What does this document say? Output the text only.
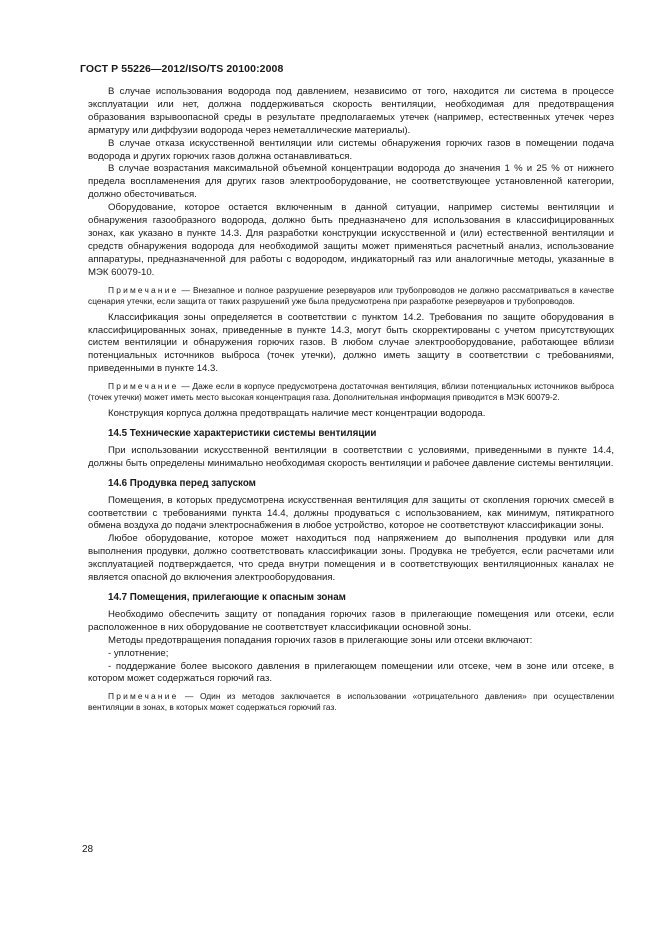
ГОСТ Р 55226—2012/ISO/TS 20100:2008

В случае использования водорода под давлением, независимо от того, находится ли система в процессе эксплуатации или нет, должна поддерживаться скорость вентиляции, необходимая для предотвращения образования взрывоопасной среды в результате предполагаемых утечек (например, естественных утечек через арматуру или диффузии водорода через неметаллические материалы).

В случае отказа искусственной вентиляции или системы обнаружения горючих газов в помещении подача водорода и других горючих газов должна останавливаться.

В случае возрастания максимальной объемной концентрации водорода до значения 1 % и 25 % от нижнего предела воспламенения для других газов электрооборудование, не соответствующее установленной категории, должно обесточиваться.

Оборудование, которое остается включенным в данной ситуации, например системы вентиляции и обнаружения газообразного водорода, должно быть предназначено для использования в классифицированных зонах, как указано в пункте 14.3. Для разработки конструкции искусственной и (или) естественной вентиляции и средств обнаружения водорода для необходимой защиты может применяться расчетный анализ, использование аппаратуры, предназначенной для работы с водородом, индикаторный газ или аналогичные методы, указанные в МЭК 60079-10.

Примечание — Внезапное и полное разрушение резервуаров или трубопроводов не должно рассматриваться в качестве сценария утечки, если защита от таких разрушений уже была предусмотрена при разработке резервуаров и трубопроводов.

Классификация зоны определяется в соответствии с пунктом 14.2. Требования по защите оборудования в классифицированных зонах, приведенные в пункте 14.3, могут быть скорректированы с учетом присутствующих систем вентиляции и обнаружения горючих газов. В любом случае электрооборудование, работающее вблизи потенциальных источников выброса (точек утечки), должно иметь защиту в соответствии с требованиями, приведенными в пункте 14.3.

Примечание — Даже если в корпусе предусмотрена достаточная вентиляция, вблизи потенциальных источников выброса (точек утечки) может иметь место высокая концентрация газа. Дополнительная информация приводится в МЭК 60079-2.

Конструкция корпуса должна предотвращать наличие мест концентрации водорода.

14.5 Технические характеристики системы вентиляции

При использовании искусственной вентиляции в соответствии с условиями, приведенными в пункте 14.4, должны быть определены минимально необходимая скорость вентиляции и рабочее давление системы вентиляции.

14.6 Продувка перед запуском

Помещения, в которых предусмотрена искусственная вентиляция для защиты от скопления горючих смесей в соответствии с требованиями пункта 14.4, должны продуваться с использованием, как минимум, пятикратного обмена воздуха до подачи электроснабжения в любое устройство, которое не соответствуют классификации зоны.

Любое оборудование, которое может находиться под напряжением до выполнения продувки или для выполнения продувки, должно соответствовать классификации зоны. Продувка не требуется, если расчетами или эксплуатацией подтверждается, что среда внутри помещения и в соответствующих вентиляционных каналах не является опасной до включения электрооборудования.

14.7 Помещения, прилегающие к опасным зонам

Необходимо обеспечить защиту от попадания горючих газов в прилегающие помещения или отсеки, если расположенное в них оборудование не соответствует классификации основной зоны.

Методы предотвращения попадания горючих газов в прилегающие зоны или отсеки включают:

- уплотнение;

- поддержание более высокого давления в прилегающем помещении или отсеке, чем в зоне или отсеке, в котором может содержаться горючий газ.

Примечание — Один из методов заключается в использовании «отрицательного давления» при осуществлении вентиляции в зонах, в которых может содержаться горючий газ.

28
